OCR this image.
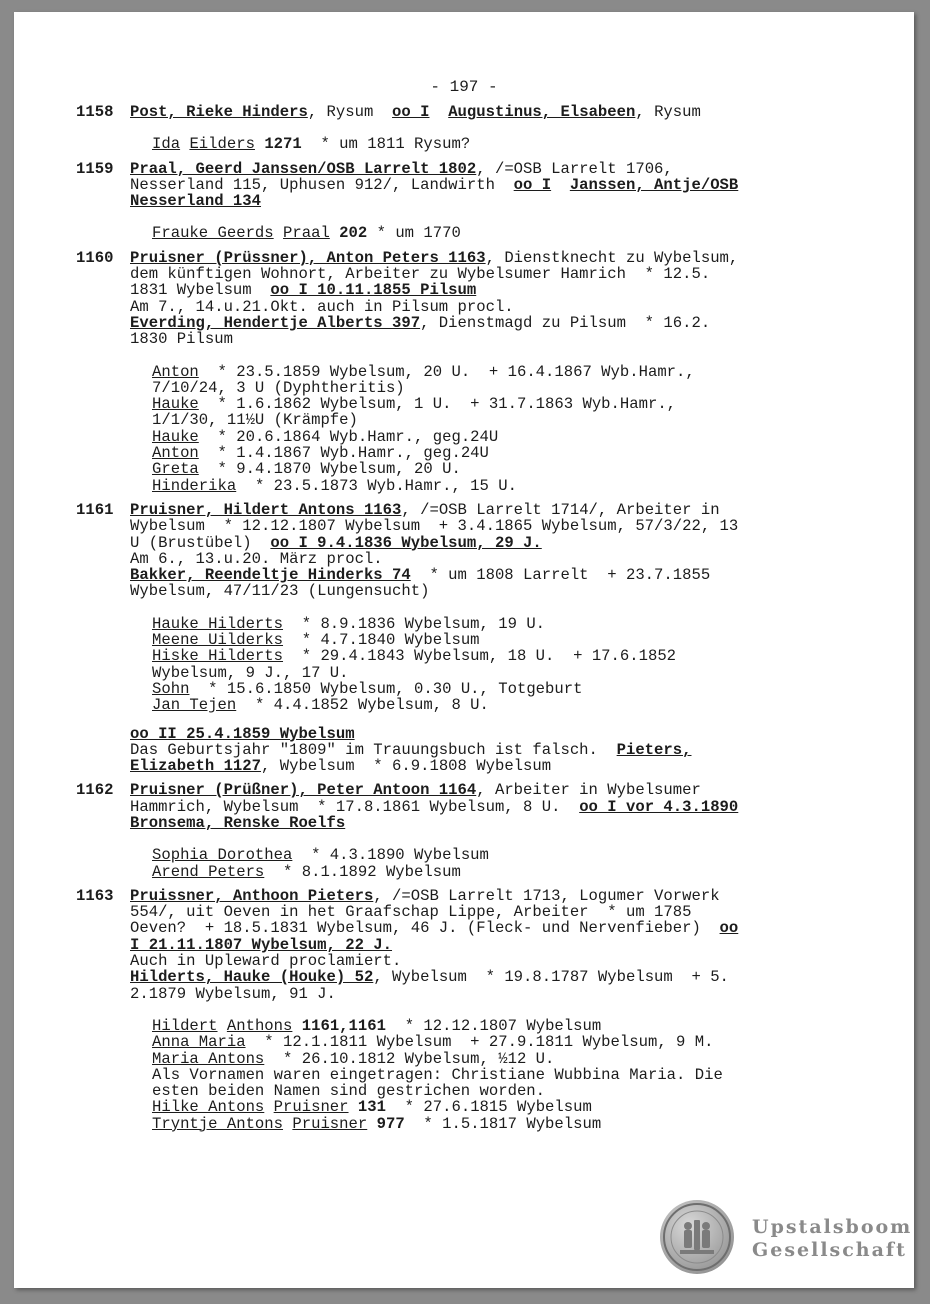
- 197 -
1158	Post, Rieke Hinders, Rysum  oo I Augustinus, Elsabeen, Rysum
Ida Eilders 1271  * um 1811 Rysum?
1159	Praal, Geerd Janssen/OSB Larrelt 1802, /=OSB Larrelt 1706,
Nesserland 115, Uphusen 912/, Landwirth  oo I Janssen, Antje/OSB
Nesserland 134
Frauke Geerds Praal 202 * um 1770
1160	Pruisner (Prüssner), Anton Peters 1163, Dienstknecht zu Wybelsum,
dem künftigen Wohnort, Arbeiter zu Wybelsumer Hamrich  * 12.5.
1831 Wybelsum  oo I 10.11.1855 Pilsum
Am 7., 14.u.21.Okt. auch in Pilsum procl.
Everding, Hendertje Alberts 397, Dienstmagd zu Pilsum  * 16.2.
1830 Pilsum
Anton  * 23.5.1859 Wybelsum, 20 U.  + 16.4.1867 Wyb.Hamr.,
7/10/24, 3 U (Dyphtheritis)
Hauke  * 1.6.1862 Wybelsum, 1 U.  + 31.7.1863 Wyb.Hamr.,
1/1/30, 11½U (Krämpfe)
Hauke  * 20.6.1864 Wyb.Hamr., geg.24U
Anton  * 1.4.1867 Wyb.Hamr., geg.24U
Greta  * 9.4.1870 Wybelsum, 20 U.
Hinderika  * 23.5.1873 Wyb.Hamr., 15 U.
1161	Pruisner, Hildert Antons 1163, /=OSB Larrelt 1714/, Arbeiter in
Wybelsum  * 12.12.1807 Wybelsum  + 3.4.1865 Wybelsum, 57/3/22, 13
U (Brustübel)  oo I 9.4.1836 Wybelsum, 29 J.
Am 6., 13.u.20. März procl.
Bakker, Reendeltje Hinderks 74  * um 1808 Larrelt  + 23.7.1855
Wybelsum, 47/11/23 (Lungensucht)
Hauke Hilderts  * 8.9.1836 Wybelsum, 19 U.
Meene Uilderks  * 4.7.1840 Wybelsum
Hiske Hilderts  * 29.4.1843 Wybelsum, 18 U.  + 17.6.1852
Wybelsum, 9 J., 17 U.
Sohn  * 15.6.1850 Wybelsum, 0.30 U., Totgeburt
Jan Tejen  * 4.4.1852 Wybelsum, 8 U.
oo II 25.4.1859 Wybelsum
Das Geburtsjahr "1809" im Trauungsbuch ist falsch.  Pieters,
Elizabeth 1127, Wybelsum  * 6.9.1808 Wybelsum
1162	Pruisner (Prüßner), Peter Antoon 1164, Arbeiter in Wybelsumer
Hammrich, Wybelsum  * 17.8.1861 Wybelsum, 8 U.  oo I vor 4.3.1890
Bronsema, Renske Roelfs
Sophia Dorothea  * 4.3.1890 Wybelsum
Arend Peters  * 8.1.1892 Wybelsum
1163	Pruissner, Anthoon Pieters, /=OSB Larrelt 1713, Logumer Vorwerk
554/, uit Oeven in het Graafschap Lippe, Arbeiter  * um 1785
Oeven?  + 18.5.1831 Wybelsum, 46 J. (Fleck- und Nervenfieber)  oo
I 21.11.1807 Wybelsum, 22 J.
Auch in Upleward proclamiert.
Hilderts, Hauke (Houke) 52, Wybelsum  * 19.8.1787 Wybelsum  + 5.
2.1879 Wybelsum, 91 J.
Hildert Anthons 1161,1161  * 12.12.1807 Wybelsum
Anna Maria  * 12.1.1811 Wybelsum  + 27.9.1811 Wybelsum, 9 M.
Maria Antons  * 26.10.1812 Wybelsum, ½12 U.
Als Vornamen waren eingetragen: Christiane Wubbina Maria. Die
esten beiden Namen sind gestrichen worden.
Hilke Antons Pruisner 131  * 27.6.1815 Wybelsum
Tryntje Antons Pruisner 977  * 1.5.1817 Wybelsum
Upstalsboom
Gesellschaft
